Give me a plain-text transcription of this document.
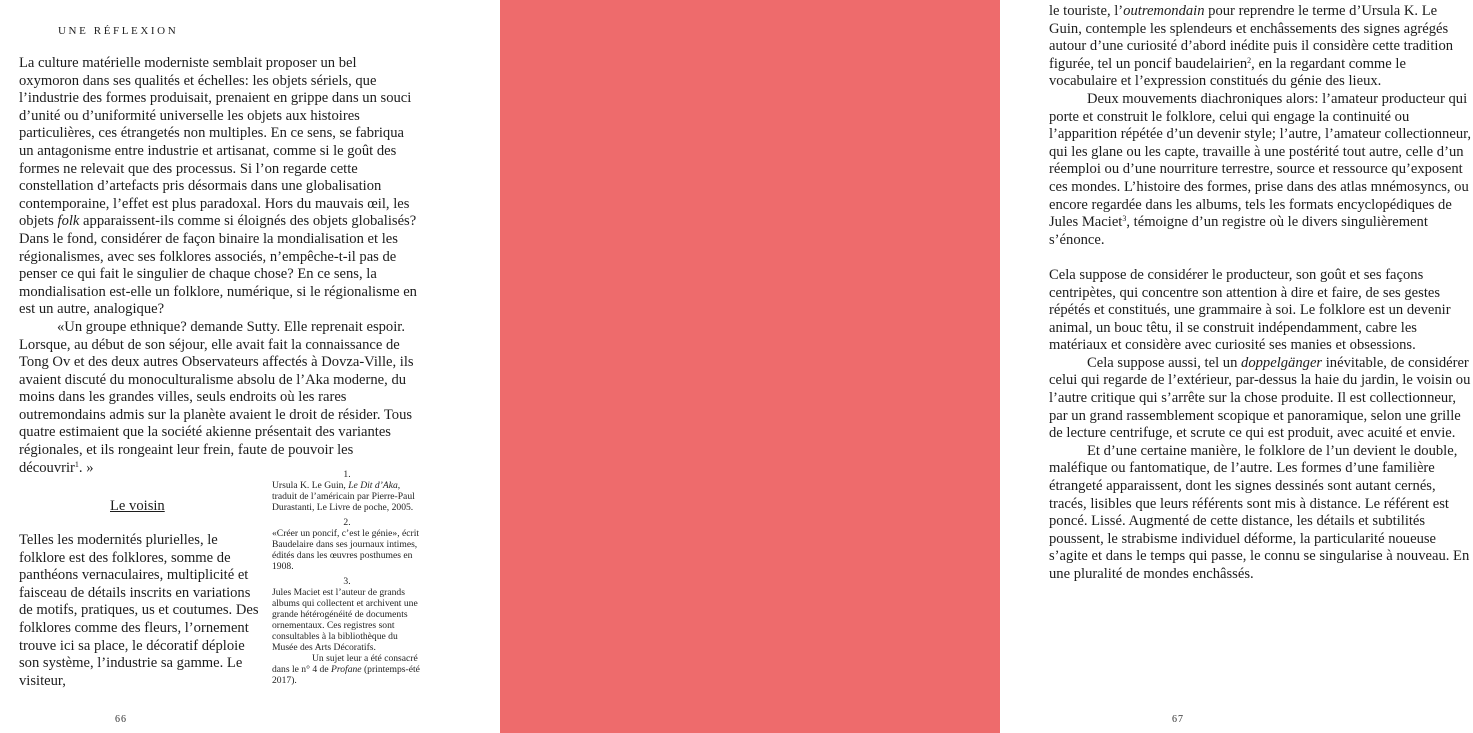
UNE RÉFLEXION

La culture matérielle moderniste semblait proposer un bel oxymoron dans ses qualités et échelles: les objets sériels, que l’industrie des formes produisait, prenaient en grippe dans un souci d’unité ou d’uniformité universelle les objets aux histoires particulières, ces étrangetés non multiples. En ce sens, se fabriqua un antagonisme entre industrie et artisanat, comme si le goût des formes ne relevait que des processus. Si l’on regarde cette constellation d’artefacts pris désormais dans une globalisation contemporaine, l’effet est plus paradoxal. Hors du mauvais œil, les objets folk apparaissent-ils comme si éloignés des objets globalisés? Dans le fond, considérer de façon binaire la mondialisation et les régionalismes, avec ses folklores associés, n’empêche-t-il pas de penser ce qui fait le singulier de chaque chose? En ce sens, la mondialisation est-elle un folklore, numérique, si le régionalisme en est un autre, analogique?

«Un groupe ethnique? demande Sutty. Elle reprenait espoir. Lorsque, au début de son séjour, elle avait fait la connaissance de Tong Ov et des deux autres Observateurs affectés à Dovza-Ville, ils avaient discuté du monoculturalisme absolu de l’Aka moderne, du moins dans les grandes villes, seuls endroits où les rares outremondains admis sur la planète avaient le droit de résider. Tous quatre estimaient que la société akienne présentait des variantes régionales, et ils rongeaint leur frein, faute de pouvoir les découvrir$^1$. »

Le voisin

Telles les modernités plurielles, le folklore est des folklores, somme de panthéons vernaculaires, multiplicité et faisceau de détails inscrits en variations de motifs, pratiques, us et coutumes. Des folklores comme des fleurs, l’ornement trouve ici sa place, le décoratif déploie son système, l’industrie sa gamme. Le visiteur,

1.

Ursula K. Le Guin, Le Dit d’Aka, traduit de l’américain par Pierre-Paul Durastanti, Le Livre de poche, 2005.

2.

«Créer un poncif, c’est le génie», écrit Baudelaire dans ses journaux intimes, édités dans les œuvres posthumes en 1908.

3.

Jules Maciet est l’auteur de grands albums qui collectent et archivent une grande hétérogénéité de documents ornementaux. Ces registres sont consultables à la bibliothèque du Musée des Arts Décoratifs.

Un sujet leur a été consacré dans le n° 4 de Profane (printemps-été 2017).

66

le touriste, l’outremondain pour reprendre le terme d’Ursula K. Le Guin, contemple les splendeurs et enchâssements des signes agrégés autour d’une curiosité d’abord inédite puis il considère cette tradition figurée, tel un poncif baudelairien$^2$, en la regardant comme le vocabulaire et l’expression constitués du génie des lieux.

Deux mouvements diachroniques alors: l’amateur producteur qui porte et construit le folklore, celui qui engage la continuité ou l’apparition répétée d’un devenir style; l’autre, l’amateur collectionneur, qui les glane ou les capte, travaille à une postérité tout autre, celle d’un réemploi ou d’une nourriture terrestre, source et ressource qu’exposent ces mondes. L’histoire des formes, prise dans des atlas mnémosyncs, ou encore regardée dans les albums, tels les formats encyclopédiques de Jules Maciet$^3$, témoigne d’un registre où le divers singulièrement s’énonce.

Cela suppose de considérer le producteur, son goût et ses façons centripètes, qui concentre son attention à dire et faire, de ses gestes répétés et constitués, une grammaire à soi. Le folklore est un devenir animal, un bouc têtu, il se construit indépendamment, cabre les matériaux et considère avec curiosité ses manies et obsessions.

Cela suppose aussi, tel un doppelgänger inévitable, de considérer celui qui regarde de l’extérieur, par-dessus la haie du jardin, le voisin ou l’autre critique qui s’arrête sur la chose produite. Il est collectionneur, par un grand rassemblement scopique et panoramique, selon une grille de lecture centrifuge, et scrute ce qui est produit, avec acuité et envie.

Et d’une certaine manière, le folklore de l’un devient le double, maléfique ou fantomatique, de l’autre. Les formes d’une familière étrangeté apparaissent, dont les signes dessinés sont autant cernés, tracés, lisibles que leurs référents sont mis à distance. Le référent est poncé. Lissé. Augmenté de cette distance, les détails et subtilités poussent, le strabisme individuel déforme, la particularité noueuse s’agite et dans le temps qui passe, le connu se singularise à nouveau. En une pluralité de mondes enchâssés.

67
